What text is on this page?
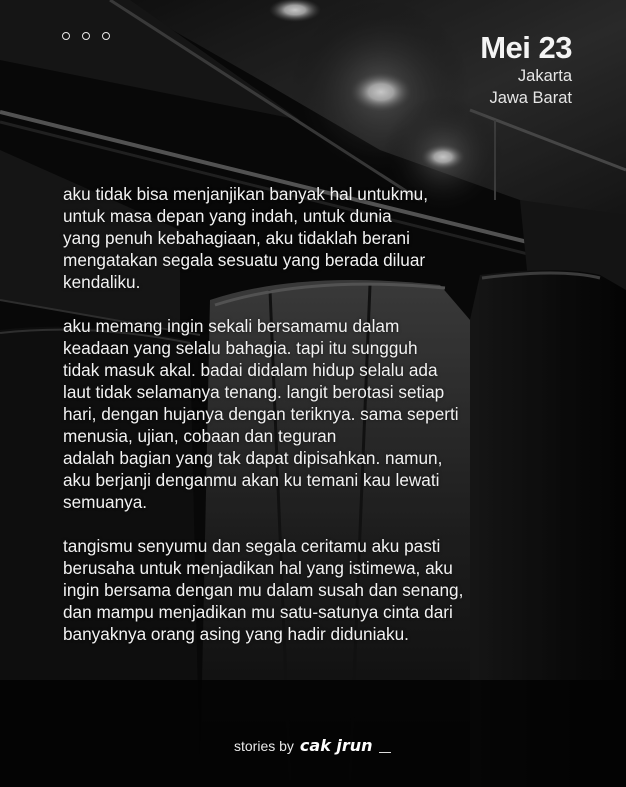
Mei 23
Jakarta
Jawa Barat

aku tidak bisa menjanjikan banyak hal untukmu,
untuk masa depan yang indah, untuk dunia
yang penuh kebahagiaan, aku tidaklah berani
mengatakan segala sesuatu yang berada diluar
kendaliku.

aku memang ingin sekali bersamamu dalam
keadaan yang selalu bahagia. tapi itu sungguh
tidak masuk akal. badai didalam hidup selalu ada
laut tidak selamanya tenang. langit berotasi setiap
hari, dengan hujanya dengan teriknya. sama seperti
menusia, ujian, cobaan dan teguran
adalah bagian yang tak dapat dipisahkan. namun,
aku berjanji denganmu akan ku temani kau lewati
semuanya.

tangismu senyumu dan segala ceritamu aku pasti
berusaha untuk menjadikan hal yang istimewa, aku
ingin bersama dengan mu dalam susah dan senang,
dan mampu menjadikan mu satu-satunya cinta dari
banyaknya orang asing yang hadir diduniaku.

stories by cak jrun
